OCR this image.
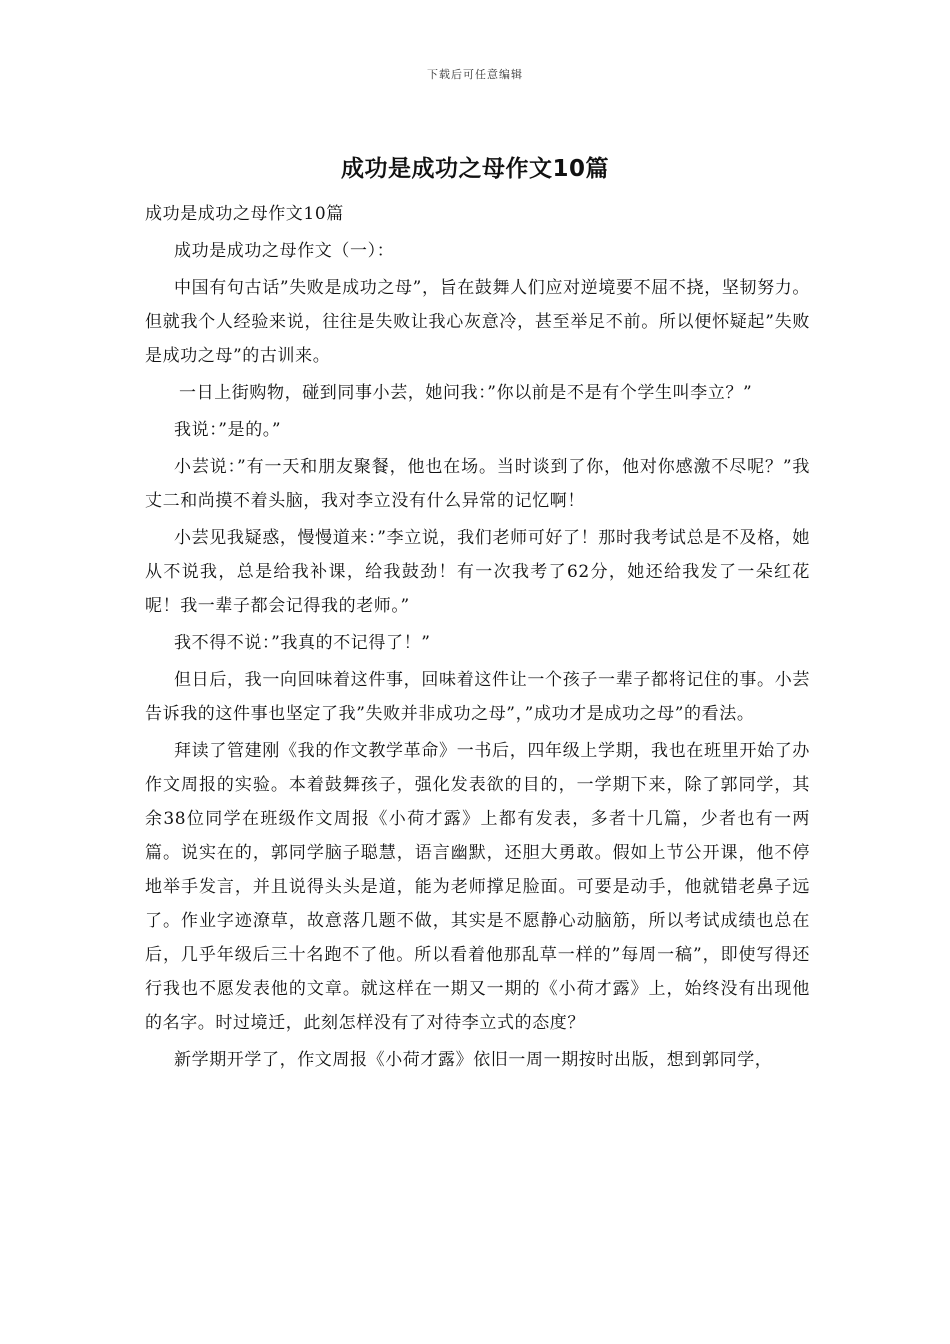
下载后可任意编辑
成功是成功之母作文10篇

成功是成功之母作文10篇

成功是成功之母作文（一）：

中国有句古话”失败是成功之母”，旨在鼓舞人们应对逆境要不屈不挠，坚韧努力。但就我个人经验来说，往往是失败让我心灰意冷，甚至举足不前。所以便怀疑起”失败是成功之母”的古训来。

一日上街购物，碰到同事小芸，她问我：”你以前是不是有个学生叫李立？”

我说：”是的。”

小芸说：”有一天和朋友聚餐，他也在场。当时谈到了你，他对你感激不尽呢？”我丈二和尚摸不着头脑，我对李立没有什么异常的记忆啊！

小芸见我疑惑，慢慢道来：”李立说，我们老师可好了！那时我考试总是不及格，她从不说我，总是给我补课，给我鼓劲！有一次我考了62分，她还给我发了一朵红花呢！我一辈子都会记得我的老师。”

我不得不说：”我真的不记得了！”

但日后，我一向回味着这件事，回味着这件让一个孩子一辈子都将记住的事。小芸告诉我的这件事也坚定了我”失败并非成功之母”，”成功才是成功之母”的看法。

拜读了管建刚《我的作文教学革命》一书后，四年级上学期，我也在班里开始了办作文周报的实验。本着鼓舞孩子，强化发表欲的目的，一学期下来，除了郭同学，其余38位同学在班级作文周报《小荷才露》上都有发表，多者十几篇，少者也有一两篇。说实在的，郭同学脑子聪慧，语言幽默，还胆大勇敢。假如上节公开课，他不停地举手发言，并且说得头头是道，能为老师撑足脸面。可要是动手，他就错老鼻子远了。作业字迹潦草，故意落几题不做，其实是不愿静心动脑筋，所以考试成绩也总在后，几乎年级后三十名跑不了他。所以看着他那乱草一样的”每周一稿”，即使写得还行我也不愿发表他的文章。就这样在一期又一期的《小荷才露》上，始终没有出现他的名字。时过境迁，此刻怎样没有了对待李立式的态度？

新学期开学了，作文周报《小荷才露》依旧一周一期按时出版，想到郭同学，
